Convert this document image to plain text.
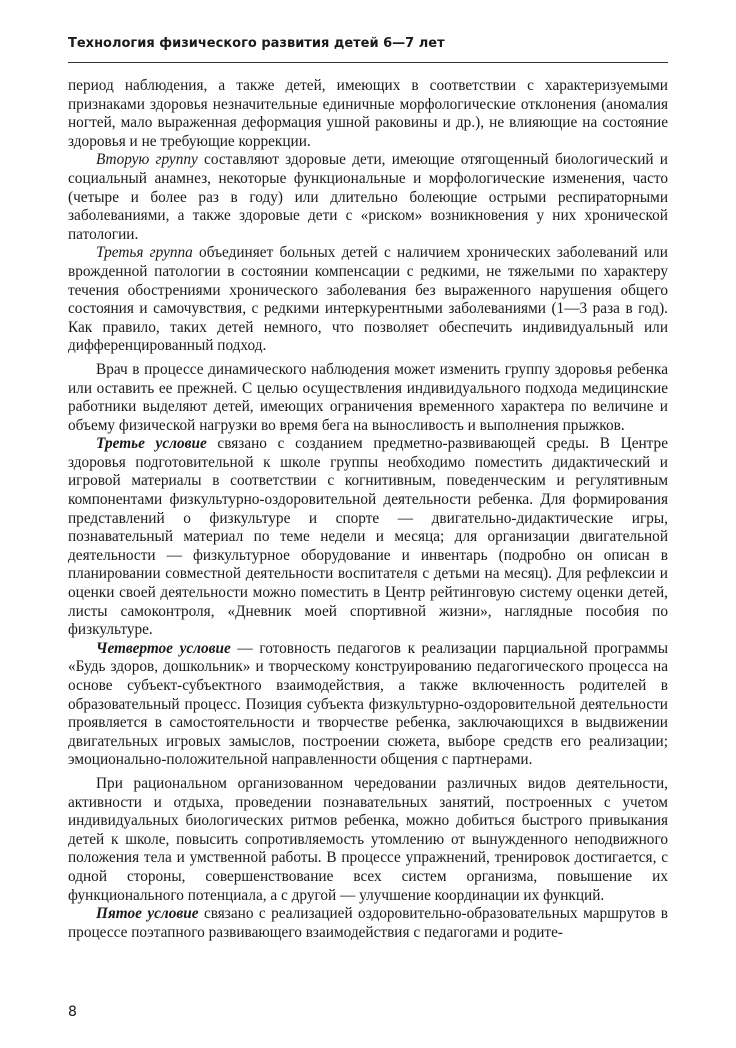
Технология физического развития детей 6—7 лет

период наблюдения, а также детей, имеющих в соответствии с характеризуемыми признаками здоровья незначительные единичные морфологические отклонения (аномалия ногтей, мало выраженная деформация ушной раковины и др.), не влияющие на состояние здоровья и не требующие коррекции.

Вторую группу составляют здоровые дети, имеющие отягощенный биологический и социальный анамнез, некоторые функциональные и морфологические изменения, часто (четыре и более раз в году) или длительно болеющие острыми респираторными заболеваниями, а также здоровые дети с «риском» возникновения у них хронической патологии.

Третья группа объединяет больных детей с наличием хронических заболеваний или врожденной патологии в состоянии компенсации с редкими, не тяжелыми по характеру течения обострениями хронического заболевания без выраженного нарушения общего состояния и самочувствия, с редкими интеркурентными заболеваниями (1—3 раза в год). Как правило, таких детей немного, что позволяет обеспечить индивидуальный или дифференцированный подход.

Врач в процессе динамического наблюдения может изменить группу здоровья ребенка или оставить ее прежней. С целью осуществления индивидуального подхода медицинские работники выделяют детей, имеющих ограничения временного характера по величине и объему физической нагрузки во время бега на выносливость и выполнения прыжков.

Третье условие связано с созданием предметно-развивающей среды. В Центре здоровья подготовительной к школе группы необходимо поместить дидактический и игровой материалы в соответствии с когнитивным, поведенческим и регулятивным компонентами физкультурно-оздоровительной деятельности ребенка. Для формирования представлений о физкультуре и спорте — двигательно-дидактические игры, познавательный материал по теме недели и месяца; для организации двигательной деятельности — физкультурное оборудование и инвентарь (подробно он описан в планировании совместной деятельности воспитателя с детьми на месяц). Для рефлексии и оценки своей деятельности можно поместить в Центр рейтинговую систему оценки детей, листы самоконтроля, «Дневник моей спортивной жизни», наглядные пособия по физкультуре.

Четвертое условие — готовность педагогов к реализации парциальной программы «Будь здоров, дошкольник» и творческому конструированию педагогического процесса на основе субъект-субъектного взаимодействия, а также включенность родителей в образовательный процесс. Позиция субъекта физкультурно-оздоровительной деятельности проявляется в самостоятельности и творчестве ребенка, заключающихся в выдвижении двигательных игровых замыслов, построении сюжета, выборе средств его реализации; эмоционально-положительной направленности общения с партнерами.

При рациональном организованном чередовании различных видов деятельности, активности и отдыха, проведении познавательных занятий, построенных с учетом индивидуальных биологических ритмов ребенка, можно добиться быстрого привыкания детей к школе, повысить сопротивляемость утомлению от вынужденного неподвижного положения тела и умственной работы. В процессе упражнений, тренировок достигается, с одной стороны, совершенствование всех систем организма, повышение их функционального потенциала, а с другой — улучшение координации их функций.

Пятое условие связано с реализацией оздоровительно-образовательных маршрутов в процессе поэтапного развивающего взаимодействия с педагогами и родите-

8
